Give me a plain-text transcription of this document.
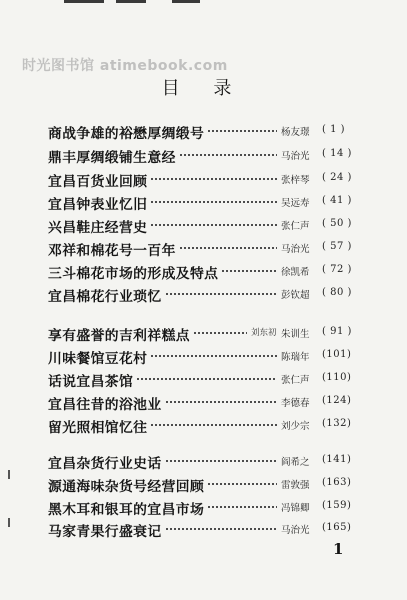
时光图书馆 atimebook.com
目 录
商战争雄的裕懋厚绸缎号	杨友璟 ( 1 )
鼎丰厚绸缎铺生意经	马治光 ( 14 )
宜昌百货业回顾	张梓琴 ( 24 )
宜昌钟表业忆旧	吴远寿 ( 41 )
兴昌鞋庄经营史	张仁声 ( 50 )
邓祥和棉花号一百年	马治光 ( 57 )
三斗棉花市场的形成及特点	徐凯希 ( 72 )
宜昌棉花行业琐忆	彭钦超 ( 80 )
享有盛誉的吉利祥糕点	刘东初 朱训生 ( 91 )
川味餐馆豆花村	陈瑞年 (101)
话说宜昌茶馆	张仁声 (110)
宜昌往昔的浴池业	李德春 (124)
留光照相馆忆往	刘少宗 (132)
宜昌杂货行业史话	阎希之 (141)
源通海味杂货号经营回顾	雷敦强 (163)
黑木耳和银耳的宜昌市场	冯锦卿 (159)
马家青果行盛衰记	马治光 (165)
1
